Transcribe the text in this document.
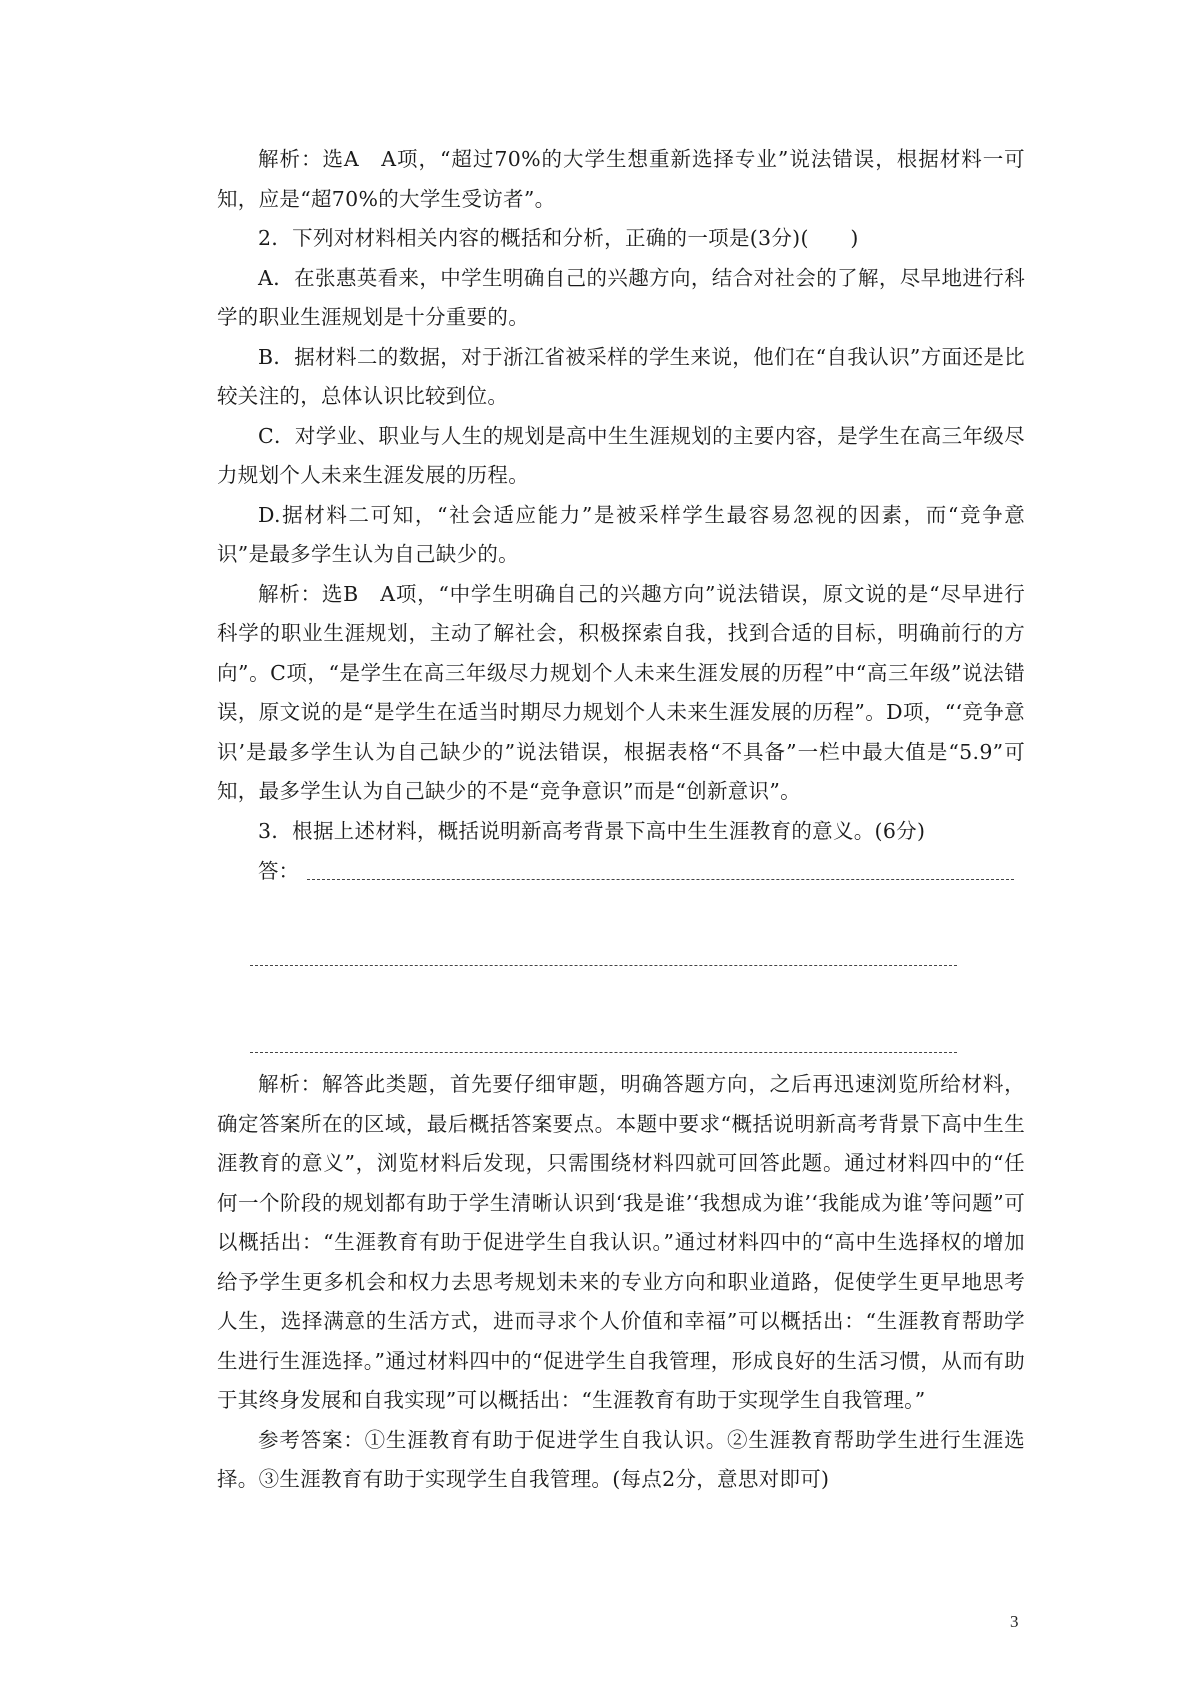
解析：选A　A项，“超过70%的大学生想重新选择专业”说法错误，根据材料一可知，应是“超70%的大学生受访者”。

2．下列对材料相关内容的概括和分析，正确的一项是(3分)(　　)

A．在张惠英看来，中学生明确自己的兴趣方向，结合对社会的了解，尽早地进行科学的职业生涯规划是十分重要的。

B．据材料二的数据，对于浙江省被采样的学生来说，他们在“自我认识”方面还是比较关注的，总体认识比较到位。

C．对学业、职业与人生的规划是高中生生涯规划的主要内容，是学生在高三年级尽力规划个人未来生涯发展的历程。

D.据材料二可知，“社会适应能力”是被采样学生最容易忽视的因素，而“竞争意识”是最多学生认为自己缺少的。

解析：选B　A项，“中学生明确自己的兴趣方向”说法错误，原文说的是“尽早进行科学的职业生涯规划，主动了解社会，积极探索自我，找到合适的目标，明确前行的方向”。C项，“是学生在高三年级尽力规划个人未来生涯发展的历程”中“高三年级”说法错误，原文说的是“是学生在适当时期尽力规划个人未来生涯发展的历程”。D项，“‘竞争意识’是最多学生认为自己缺少的”说法错误，根据表格“不具备”一栏中最大值是“5.9”可知，最多学生认为自己缺少的不是“竞争意识”而是“创新意识”。

3．根据上述材料，概括说明新高考背景下高中生生涯教育的意义。(6分)

答：

解析：解答此类题，首先要仔细审题，明确答题方向，之后再迅速浏览所给材料，确定答案所在的区域，最后概括答案要点。本题中要求“概括说明新高考背景下高中生生涯教育的意义”，浏览材料后发现，只需围绕材料四就可回答此题。通过材料四中的“任何一个阶段的规划都有助于学生清晰认识到‘我是谁’‘我想成为谁’‘我能成为谁’等问题”可以概括出：“生涯教育有助于促进学生自我认识。”通过材料四中的“高中生选择权的增加给予学生更多机会和权力去思考规划未来的专业方向和职业道路，促使学生更早地思考人生，选择满意的生活方式，进而寻求个人价值和幸福”可以概括出：“生涯教育帮助学生进行生涯选择。”通过材料四中的“促进学生自我管理，形成良好的生活习惯，从而有助于其终身发展和自我实现”可以概括出：“生涯教育有助于实现学生自我管理。”

参考答案：①生涯教育有助于促进学生自我认识。②生涯教育帮助学生进行生涯选择。③生涯教育有助于实现学生自我管理。(每点2分，意思对即可)

3
